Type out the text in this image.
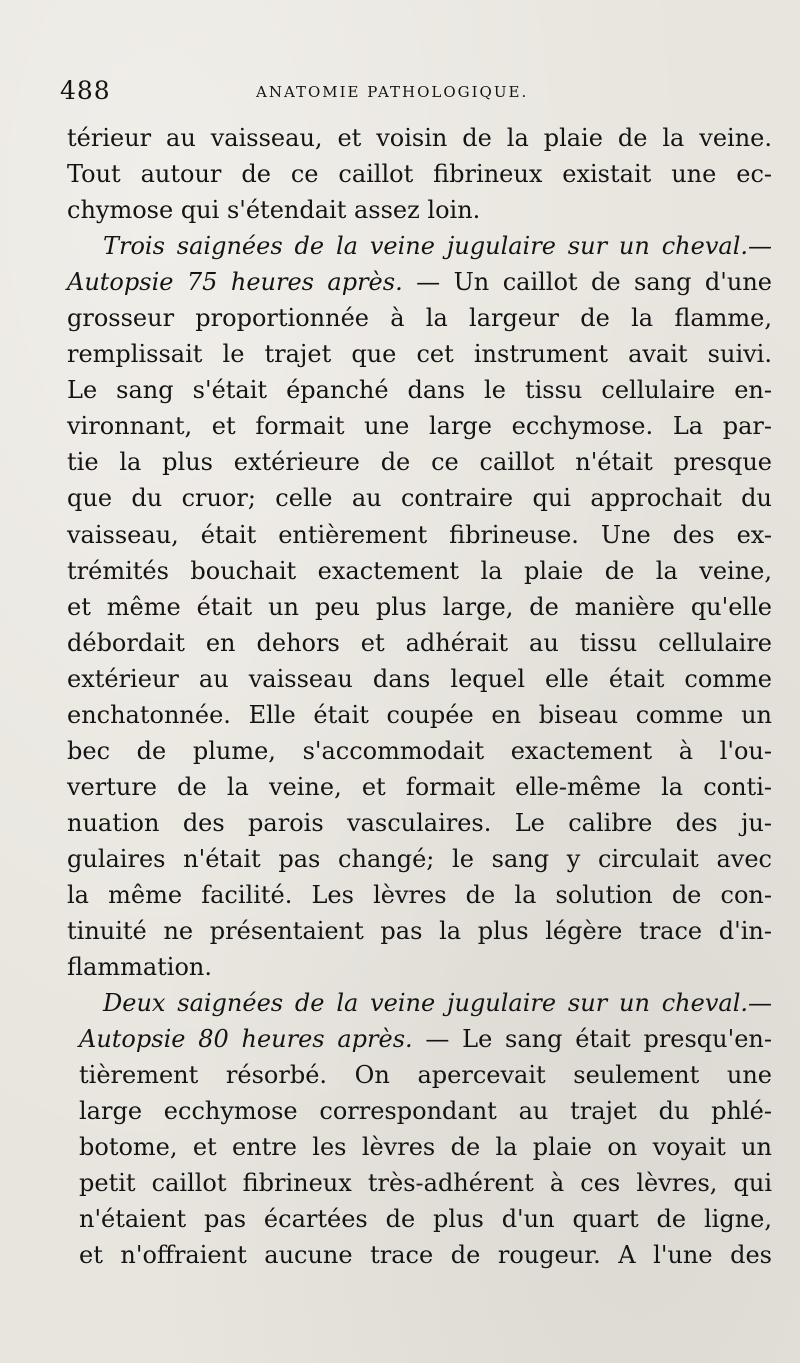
488	ANATOMIE PATHOLOGIQUE.
térieur au vaisseau, et voisin de la plaie de la veine.
Tout autour de ce caillot fibrineux existait une ec-
chymose qui s'étendait assez loin.
Trois saignées de la veine jugulaire sur un cheval.—
Autopsie 75 heures après. — Un caillot de sang d'une
grosseur proportionnée à la largeur de la flamme,
remplissait le trajet que cet instrument avait suivi.
Le sang s'était épanché dans le tissu cellulaire en-
vironnant, et formait une large ecchymose. La par-
tie la plus extérieure de ce caillot n'était presque
que du cruor; celle au contraire qui approchait du
vaisseau, était entièrement fibrineuse. Une des ex-
trémités bouchait exactement la plaie de la veine,
et même était un peu plus large, de manière qu'elle
débordait en dehors et adhérait au tissu cellulaire
extérieur au vaisseau dans lequel elle était comme
enchatonnée. Elle était coupée en biseau comme un
bec de plume, s'accommodait exactement à l'ou-
verture de la veine, et formait elle-même la conti-
nuation des parois vasculaires. Le calibre des ju-
gulaires n'était pas changé; le sang y circulait avec
la même facilité. Les lèvres de la solution de con-
tinuité ne présentaient pas la plus légère trace d'in-
flammation.
Deux saignées de la veine jugulaire sur un cheval.—
Autopsie 80 heures après. — Le sang était presqu'en-
tièrement résorbé. On apercevait seulement une
large ecchymose correspondant au trajet du phlé-
botome, et entre les lèvres de la plaie on voyait un
petit caillot fibrineux très-adhérent à ces lèvres, qui
n'étaient pas écartées de plus d'un quart de ligne,
et n'offraient aucune trace de rougeur. A l'une des
